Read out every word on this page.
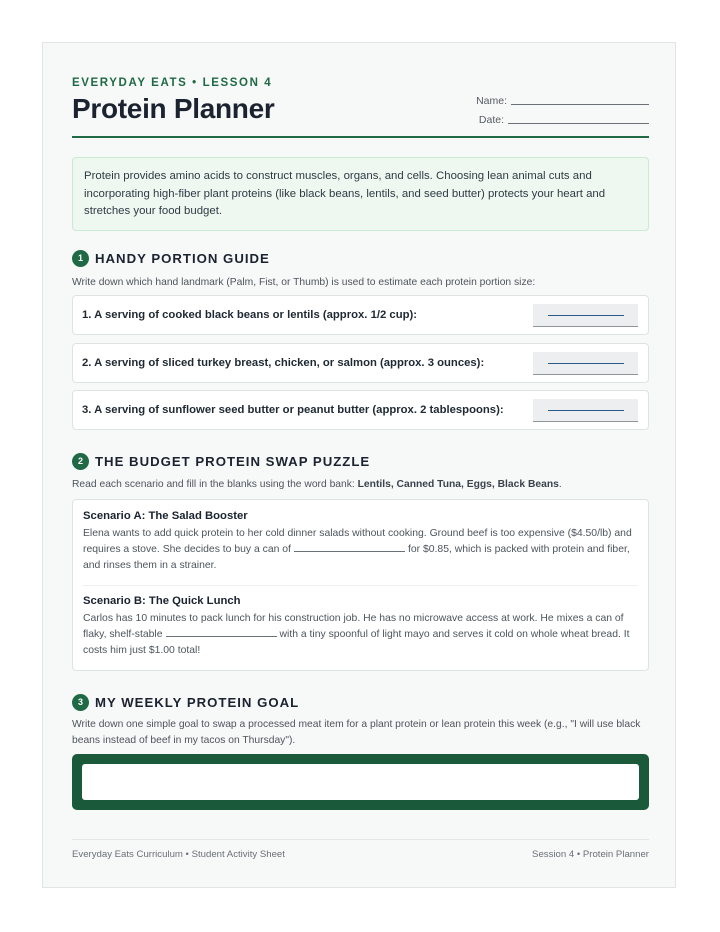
EVERYDAY EATS • LESSON 4
Protein Planner	Name:
Date:
Protein provides amino acids to construct muscles, organs, and cells. Choosing lean animal cuts and incorporating high-fiber plant proteins (like black beans, lentils, and seed butter) protects your heart and stretches your food budget.
1 HANDY PORTION GUIDE
Write down which hand landmark (Palm, Fist, or Thumb) is used to estimate each protein portion size:
1. A serving of cooked black beans or lentils (approx. 1/2 cup):
2. A serving of sliced turkey breast, chicken, or salmon (approx. 3 ounces):
3. A serving of sunflower seed butter or peanut butter (approx. 2 tablespoons):
2 THE BUDGET PROTEIN SWAP PUZZLE
Read each scenario and fill in the blanks using the word bank: Lentils, Canned Tuna, Eggs, Black Beans.
Scenario A: The Salad Booster
Elena wants to add quick protein to her cold dinner salads without cooking. Ground beef is too expensive ($4.50/lb) and requires a stove. She decides to buy a can of	for $0.85, which is packed with protein and fiber, and rinses them in a strainer.
Scenario B: The Quick Lunch
Carlos has 10 minutes to pack lunch for his construction job. He has no microwave access at work. He mixes a can of flaky, shelf-stable	with a tiny spoonful of light mayo and serves it cold on whole wheat bread. It costs him just $1.00 total!
3 MY WEEKLY PROTEIN GOAL
Write down one simple goal to swap a processed meat item for a plant protein or lean protein this week (e.g., "I will use black beans instead of beef in my tacos on Thursday").
Everyday Eats Curriculum • Student Activity Sheet	Session 4 • Protein Planner
